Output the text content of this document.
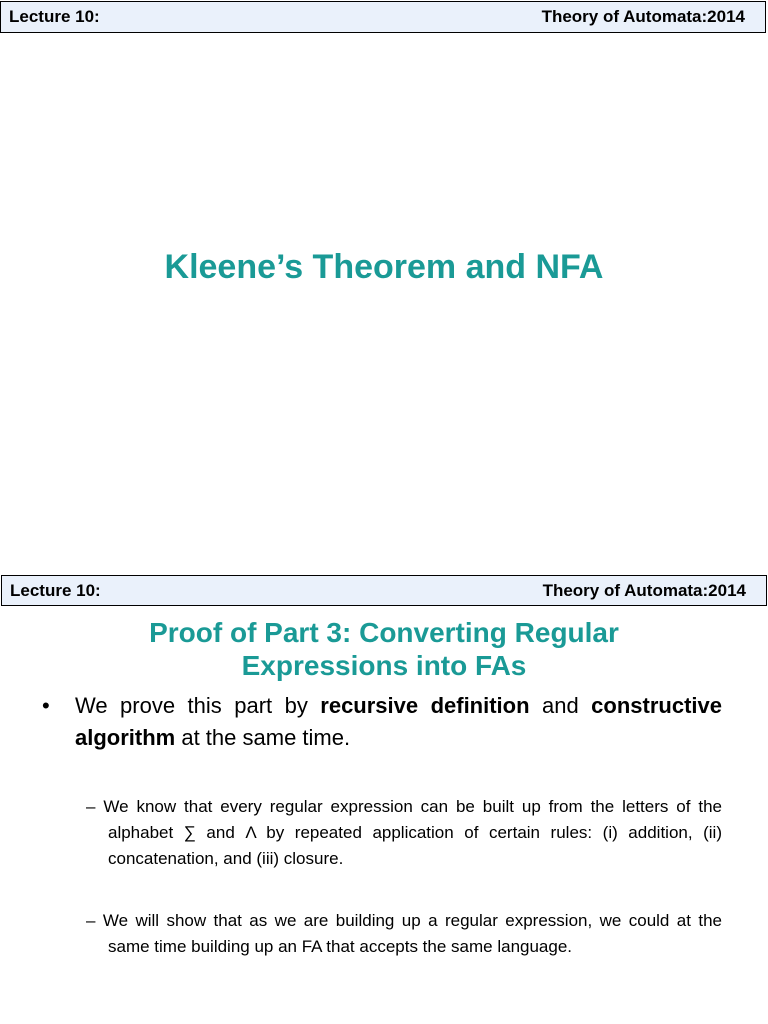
Lecture 10:	Theory of Automata:2014
Kleene’s Theorem and NFA
Lecture 10:	Theory of Automata:2014
Proof of Part 3: Converting Regular
Expressions into FAs
• We prove this part by recursive definition and constructive algorithm at the same time.
– We know that every regular expression can be built up from the letters of the alphabet ∑ and Λ by repeated application of certain rules: (i) addition, (ii) concatenation, and (iii) closure.
– We will show that as we are building up a regular expression, we could at the same time building up an FA that accepts the same language.
